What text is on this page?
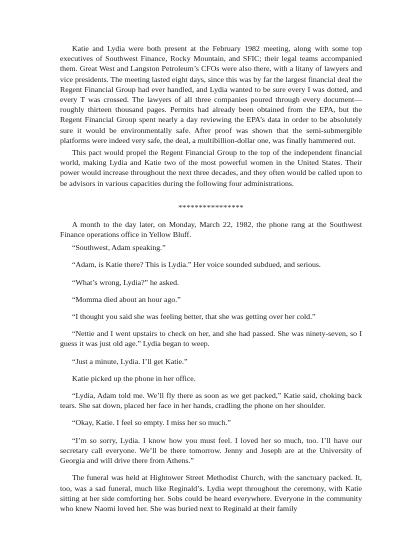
Katie and Lydia were both present at the February 1982 meeting, along with some top executives of Southwest Finance, Rocky Mountain, and SFIC; their legal teams accompanied them. Great West and Langston Petroleum’s CFOs were also there, with a litany of lawyers and vice presidents. The meeting lasted eight days, since this was by far the largest financial deal the Regent Financial Group had ever handled, and Lydia wanted to be sure every I was dotted, and every T was crossed. The lawyers of all three companies poured through every document—roughly thirteen thousand pages. Permits had already been obtained from the EPA, but the Regent Financial Group spent nearly a day reviewing the EPA’s data in order to be absolutely sure it would be environmentally safe. After proof was shown that the semi-submergible platforms were indeed very safe, the deal, a multibillion-dollar one, was finally hammered out.

This pact would propel the Regent Financial Group to the top of the independent financial world, making Lydia and Katie two of the most powerful women in the United States. Their power would increase throughout the next three decades, and they often would be called upon to be advisors in various capacities during the following four administrations.

****************

A month to the day later, on Monday, March 22, 1982, the phone rang at the Southwest Finance operations office in Yellow Bluff.

“Southwest, Adam speaking.”

“Adam, is Katie there? This is Lydia.” Her voice sounded subdued, and serious.

“What’s wrong, Lydia?” he asked.

“Momma died about an hour ago.”

“I thought you said she was feeling better, that she was getting over her cold.”

“Nettie and I went upstairs to check on her, and she had passed. She was ninety-seven, so I guess it was just old age.” Lydia began to weep.

“Just a minute, Lydia. I’ll get Katie.”

Katie picked up the phone in her office.

“Lydia, Adam told me. We’ll fly there as soon as we get packed,” Katie said, choking back tears. She sat down, placed her face in her hands, cradling the phone on her shoulder.

“Okay, Katie. I feel so empty. I miss her so much.”

“I’m so sorry, Lydia. I know how you must feel. I loved her so much, too. I’ll have our secretary call everyone. We’ll be there tomorrow. Jenny and Joseph are at the University of Georgia and will drive there from Athens.”

The funeral was held at Hightower Street Methodist Church, with the sanctuary packed. It, too, was a sad funeral, much like Reginald’s. Lydia wept throughout the ceremony, with Katie sitting at her side comforting her. Sobs could be heard everywhere. Everyone in the community who knew Naomi loved her. She was buried next to Reginald at their family
